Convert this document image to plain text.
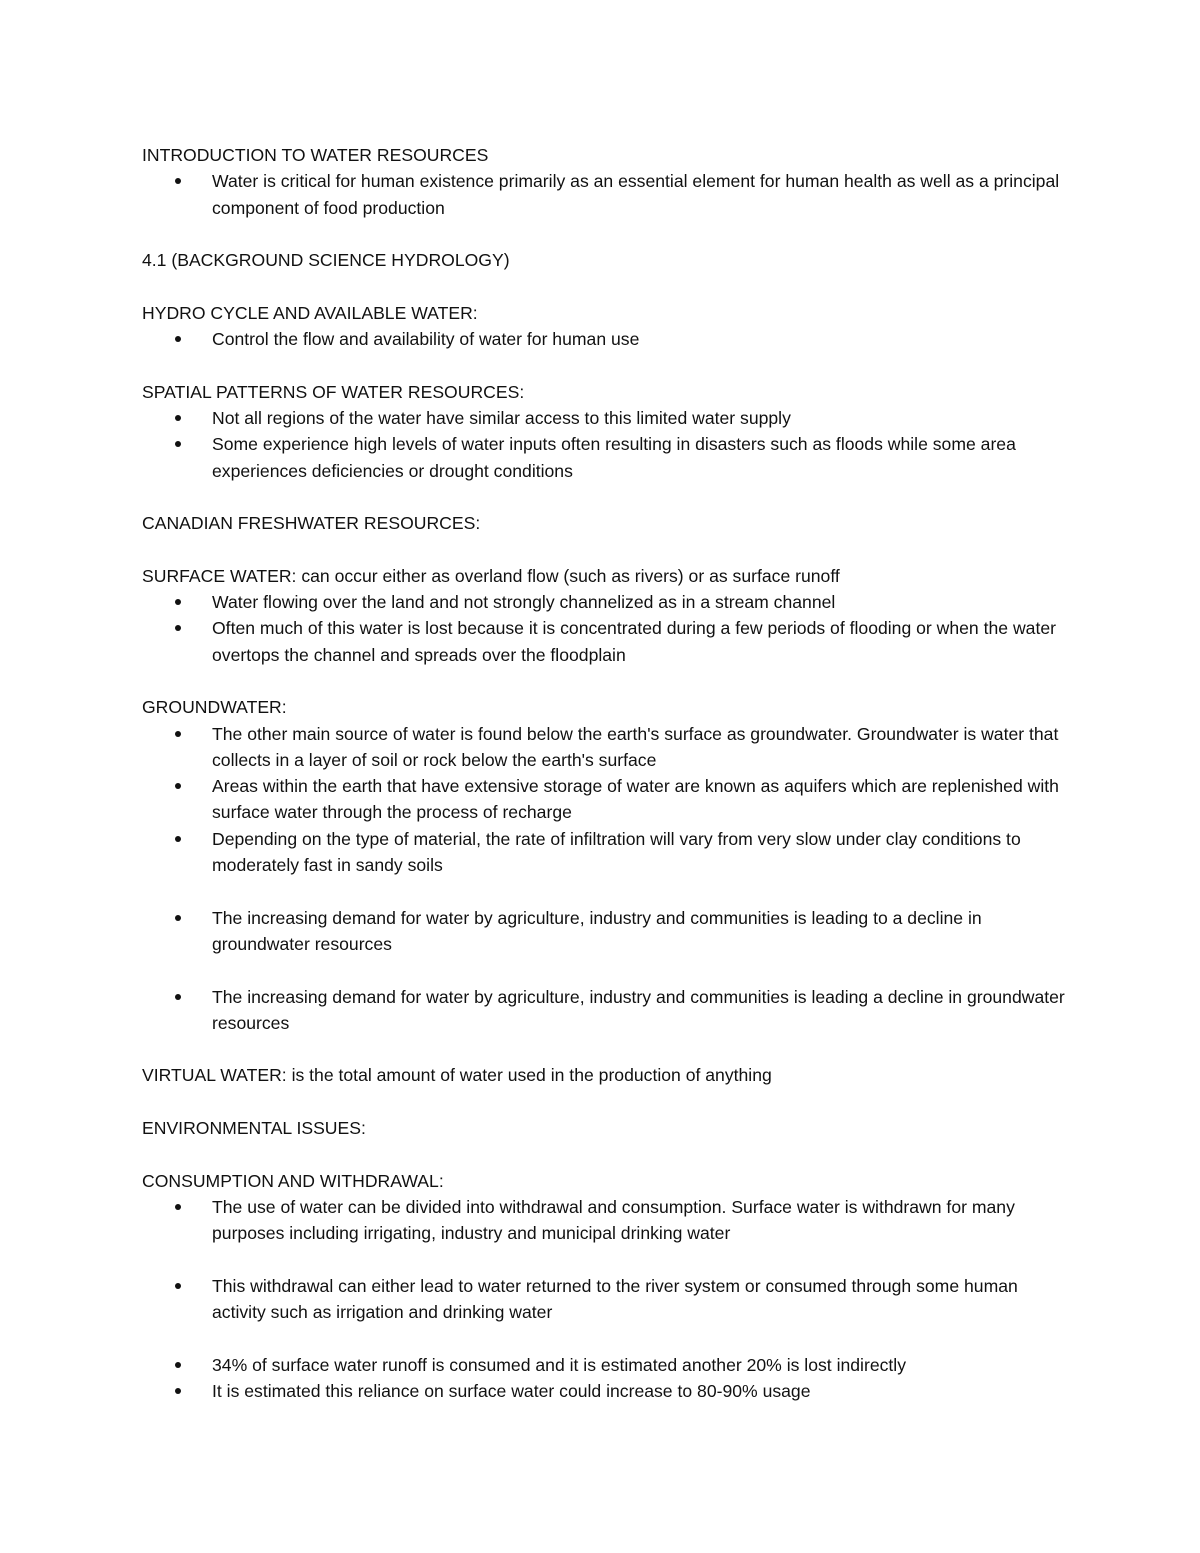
INTRODUCTION TO WATER RESOURCES

Water is critical for human existence primarily as an essential element for human health as well as a principal component of food production

4.1 (BACKGROUND SCIENCE HYDROLOGY)

HYDRO CYCLE AND AVAILABLE WATER:

Control the flow and availability of water for human use

SPATIAL PATTERNS OF WATER RESOURCES:

Not all regions of the water have similar access to this limited water supply
Some experience high levels of water inputs often resulting in disasters such as floods while some area experiences deficiencies or drought conditions

CANADIAN FRESHWATER RESOURCES:

SURFACE WATER: can occur either as overland flow (such as rivers) or as surface runoff

Water flowing over the land and not strongly channelized as in a stream channel
Often much of this water is lost because it is concentrated during a few periods of flooding or when the water overtops the channel and spreads over the floodplain

GROUNDWATER:

The other main source of water is found below the earth's surface as groundwater. Groundwater is water that collects in a layer of soil or rock below the earth's surface
Areas within the earth that have extensive storage of water are known as aquifers which are replenished with surface water through the process of recharge
Depending on the type of material, the rate of infiltration will vary from very slow under clay conditions to moderately fast in sandy soils
The increasing demand for water by agriculture, industry and communities is leading to a decline in groundwater resources
The increasing demand for water by agriculture, industry and communities is leading a decline in groundwater resources

VIRTUAL WATER: is the total amount of water used in the production of anything

ENVIRONMENTAL ISSUES:

CONSUMPTION AND WITHDRAWAL:

The use of water can be divided into withdrawal and consumption. Surface water is withdrawn for many purposes including irrigating, industry and municipal drinking water
This withdrawal can either lead to water returned to the river system or consumed through some human activity such as irrigation and drinking water
34% of surface water runoff is consumed and it is estimated another 20% is lost indirectly
It is estimated this reliance on surface water could increase to 80-90% usage
